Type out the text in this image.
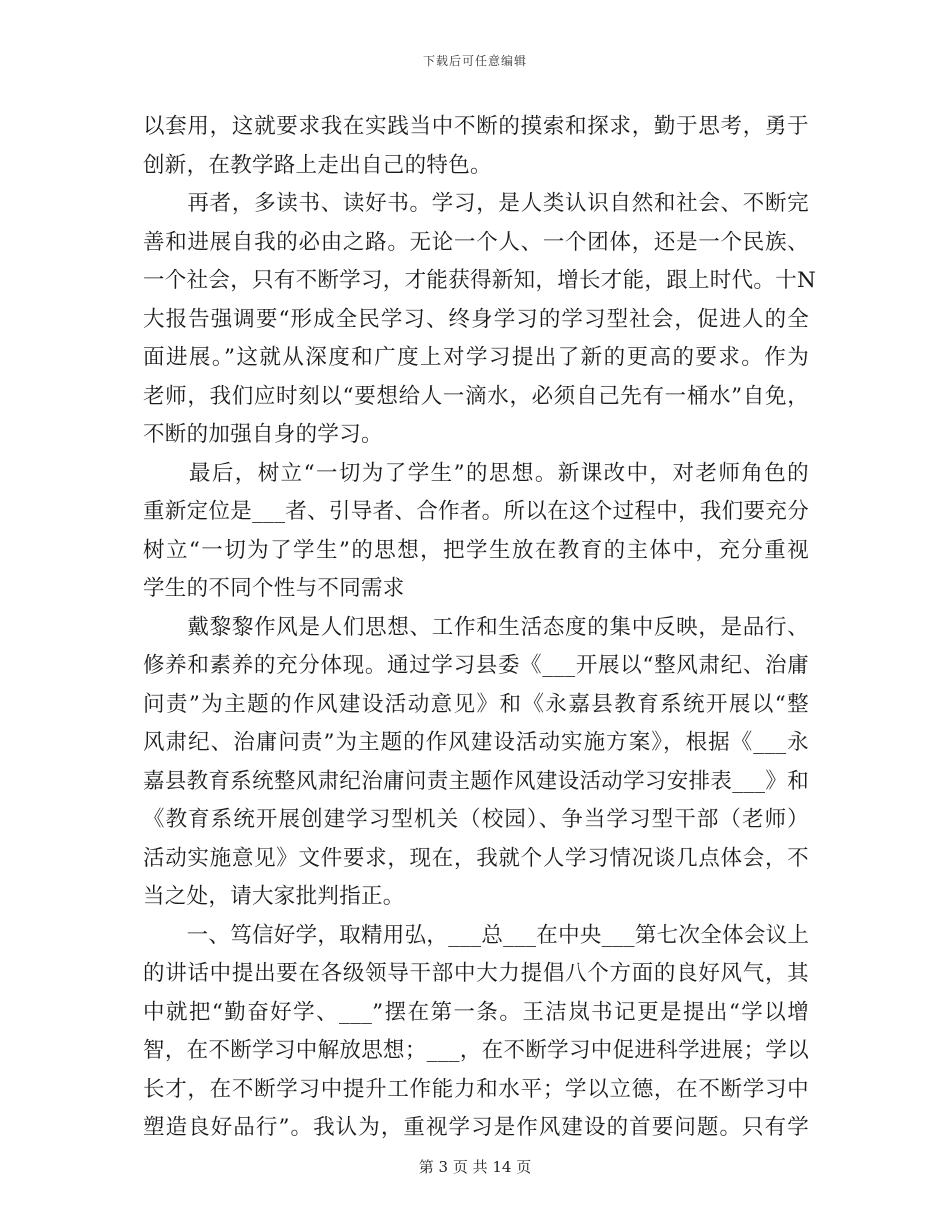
下载后可任意编辑
以套用，这就要求我在实践当中不断的摸索和探求，勤于思考，勇于
创新，在教学路上走出自己的特色。
　　再者，多读书、读好书。学习，是人类认识自然和社会、不断完
善和进展自我的必由之路。无论一个人、一个团体，还是一个民族、
一个社会，只有不断学习，才能获得新知，增长才能，跟上时代。十N
大报告强调要“形成全民学习、终身学习的学习型社会，促进人的全
面进展。”这就从深度和广度上对学习提出了新的更高的要求。作为
老师，我们应时刻以“要想给人一滴水，必须自己先有一桶水”自免，
不断的加强自身的学习。
　　最后，树立“一切为了学生”的思想。新课改中，对老师角色的
重新定位是___者、引导者、合作者。所以在这个过程中，我们要充分
树立“一切为了学生”的思想，把学生放在教育的主体中，充分重视
学生的不同个性与不同需求
　　戴黎黎作风是人们思想、工作和生活态度的集中反映，是品行、
修养和素养的充分体现。通过学习县委《___开展以“整风肃纪、治庸
问责”为主题的作风建设活动意见》和《永嘉县教育系统开展以“整
风肃纪、治庸问责”为主题的作风建设活动实施方案》，根据《___永
嘉县教育系统整风肃纪治庸问责主题作风建设活动学习安排表___》和
《教育系统开展创建学习型机关（校园）、争当学习型干部（老师）
活动实施意见》文件要求，现在，我就个人学习情况谈几点体会，不
当之处，请大家批判指正。
　　一、笃信好学，取精用弘，___总___在中央___第七次全体会议上
的讲话中提出要在各级领导干部中大力提倡八个方面的良好风气，其
中就把“勤奋好学、___”摆在第一条。王洁岚书记更是提出“学以增
智，在不断学习中解放思想；___，在不断学习中促进科学进展；学以
长才，在不断学习中提升工作能力和水平；学以立德，在不断学习中
塑造良好品行”。我认为，重视学习是作风建设的首要问题。只有学
第 3 页 共 14 页
